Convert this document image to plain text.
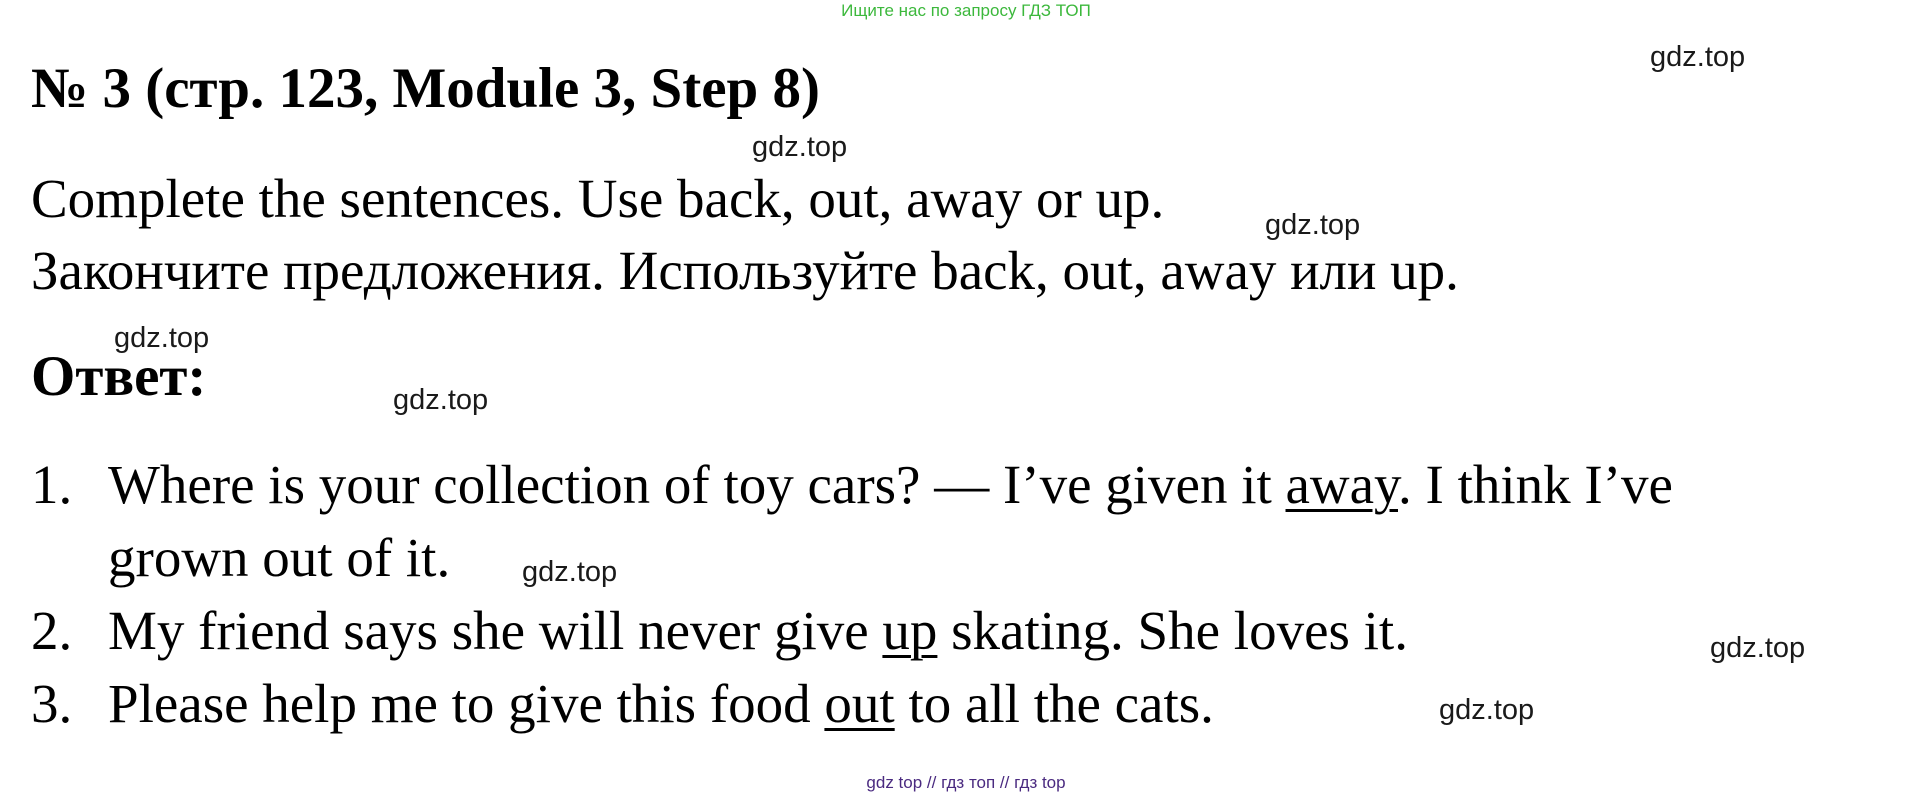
Ищите нас по запросу ГДЗ ТОП
№ 3 (стр. 123, Module 3, Step 8)
Complete the sentences. Use back, out, away or up.
Закончите предложения. Используйте back, out, away или up.
Ответ:
1. Where is your collection of toy cars? — I’ve given it away. I think I’ve
grown out of it.
2. My friend says she will never give up skating. She loves it.
3. Please help me to give this food out to all the cats.
gdz.top
gdz.top
gdz.top
gdz.top
gdz.top
gdz.top
gdz.top
gdz.top
gdz top // гдз топ // гдз top
